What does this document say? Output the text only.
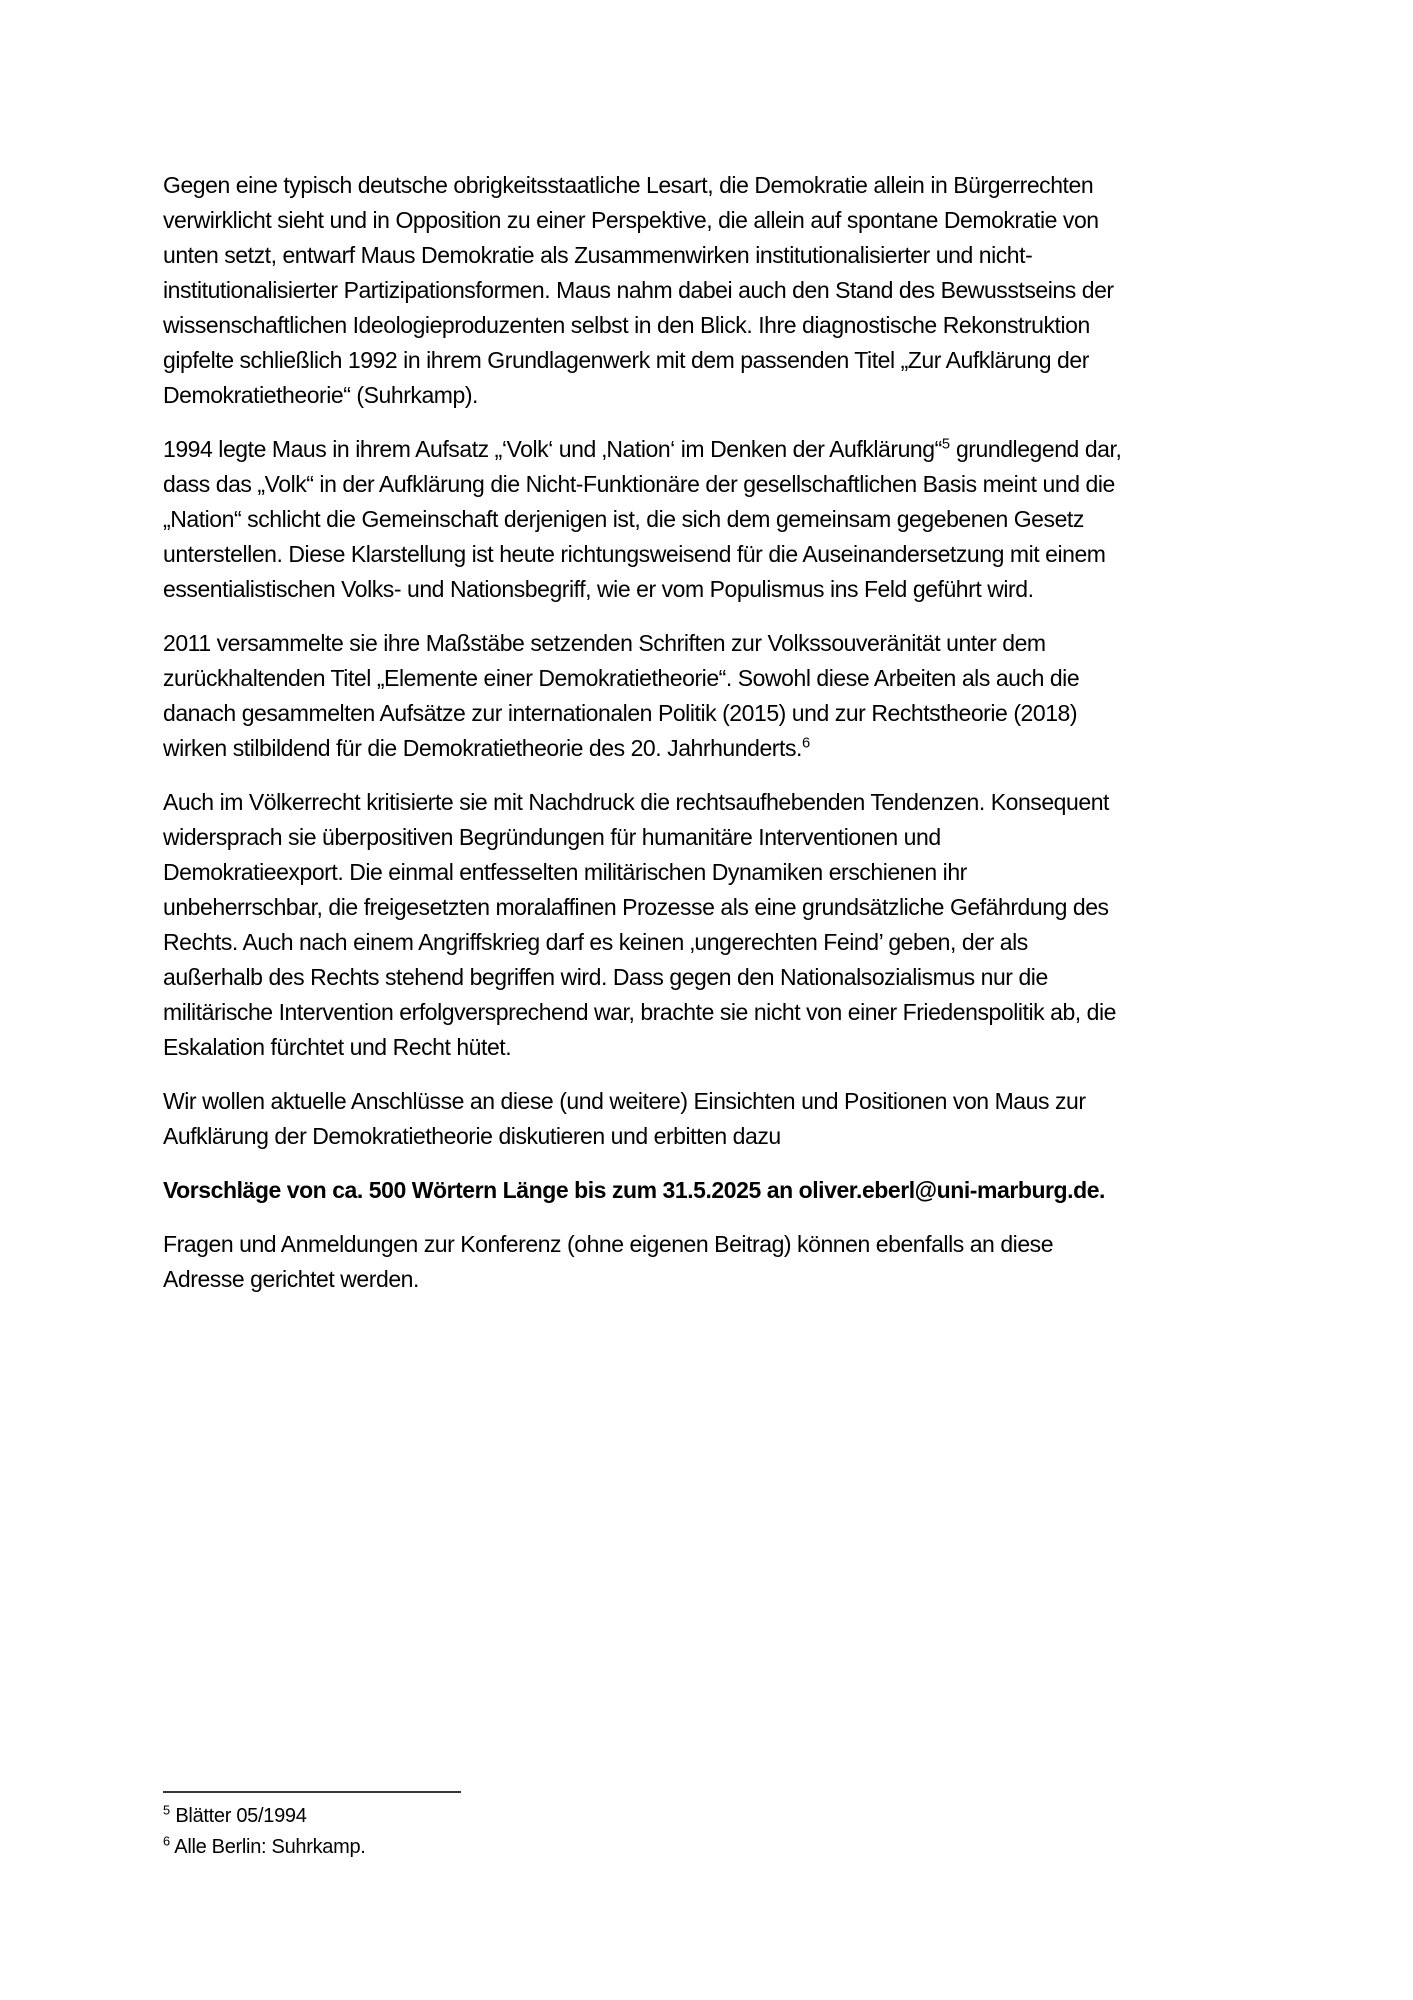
Gegen eine typisch deutsche obrigkeitsstaatliche Lesart, die Demokratie allein in Bürgerrechten verwirklicht sieht und in Opposition zu einer Perspektive, die allein auf spontane Demokratie von unten setzt, entwarf Maus Demokratie als Zusammenwirken institutionalisierter und nicht-institutionalisierter Partizipationsformen. Maus nahm dabei auch den Stand des Bewusstseins der wissenschaftlichen Ideologieproduzenten selbst in den Blick. Ihre diagnostische Rekonstruktion gipfelte schließlich 1992 in ihrem Grundlagenwerk mit dem passenden Titel „Zur Aufklärung der Demokratietheorie“ (Suhrkamp).

1994 legte Maus in ihrem Aufsatz „‘Volk‘ und ‚Nation‘ im Denken der Aufklärung“$^5$ grundlegend dar, dass das „Volk“ in der Aufklärung die Nicht-Funktionäre der gesellschaftlichen Basis meint und die „Nation“ schlicht die Gemeinschaft derjenigen ist, die sich dem gemeinsam gegebenen Gesetz unterstellen. Diese Klarstellung ist heute richtungsweisend für die Auseinandersetzung mit einem essentialistischen Volks- und Nationsbegriff, wie er vom Populismus ins Feld geführt wird.

2011 versammelte sie ihre Maßstäbe setzenden Schriften zur Volkssouveränität unter dem zurückhaltenden Titel „Elemente einer Demokratietheorie“. Sowohl diese Arbeiten als auch die danach gesammelten Aufsätze zur internationalen Politik (2015) und zur Rechtstheorie (2018) wirken stilbildend für die Demokratietheorie des 20. Jahrhunderts.$^6$

Auch im Völkerrecht kritisierte sie mit Nachdruck die rechtsaufhebenden Tendenzen. Konsequent widersprach sie überpositiven Begründungen für humanitäre Interventionen und Demokratieexport. Die einmal entfesselten militärischen Dynamiken erschienen ihr unbeherrschbar, die freigesetzten moralaffinen Prozesse als eine grundsätzliche Gefährdung des Rechts. Auch nach einem Angriffskrieg darf es keinen ‚ungerechten Feind’ geben, der als außerhalb des Rechts stehend begriffen wird. Dass gegen den Nationalsozialismus nur die militärische Intervention erfolgversprechend war, brachte sie nicht von einer Friedenspolitik ab, die Eskalation fürchtet und Recht hütet.

Wir wollen aktuelle Anschlüsse an diese (und weitere) Einsichten und Positionen von Maus zur Aufklärung der Demokratietheorie diskutieren und erbitten dazu

Vorschläge von ca. 500 Wörtern Länge bis zum 31.5.2025 an oliver.eberl@uni-marburg.de.

Fragen und Anmeldungen zur Konferenz (ohne eigenen Beitrag) können ebenfalls an diese Adresse gerichtet werden.

$^5$ Blätter 05/1994
$^6$ Alle Berlin: Suhrkamp.
